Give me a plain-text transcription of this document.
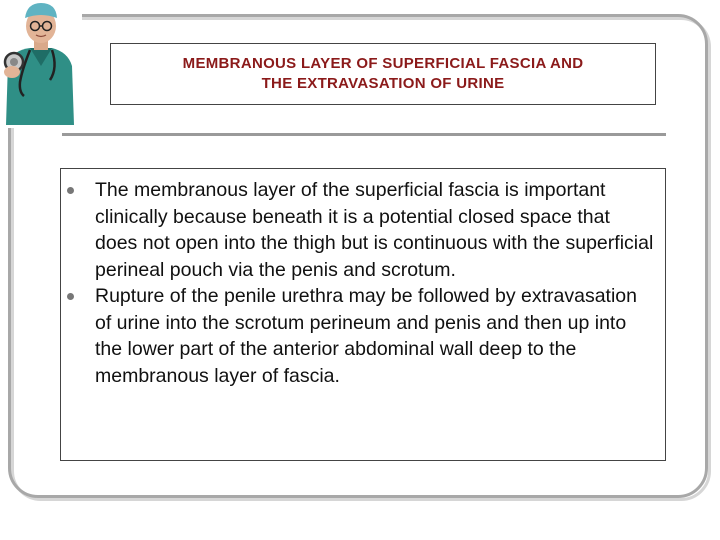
MEMBRANOUS LAYER OF SUPERFICIAL FASCIA AND
THE EXTRAVASATION OF URINE
The membranous layer of the superficial fascia is important clinically because beneath it is a potential closed space that does not open into the thigh but is continuous with the superficial perineal pouch via the penis and scrotum.
Rupture of the penile urethra may be followed by extravasation of urine into the scrotum perineum and penis and then up into the lower part of the anterior abdominal wall deep to the membranous layer of fascia.
